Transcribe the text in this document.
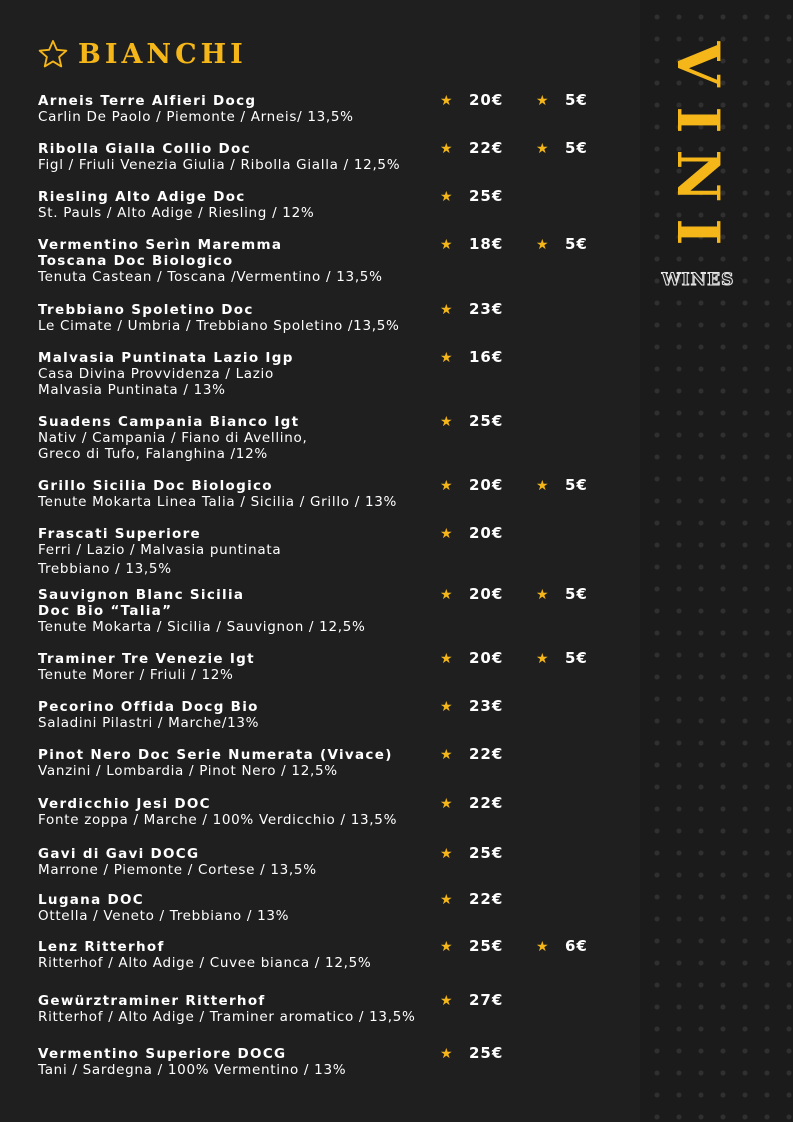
V
I
N
I
WINES
BIANCHI
Arneis Terre Alfieri Docg
Carlin De Paolo / Piemonte / Arneis/ 13,5%
★ 20€ ★ 5€
Ribolla Gialla Collio Doc
Figl / Friuli Venezia Giulia / Ribolla Gialla / 12,5%
★ 22€ ★ 5€
Riesling Alto Adige Doc
St. Pauls / Alto Adige / Riesling / 12%
★ 25€
Vermentino Serìn Maremma
Toscana Doc Biologico
Tenuta Castean / Toscana /Vermentino / 13,5%
★ 18€ ★ 5€
Trebbiano Spoletino Doc
Le Cimate / Umbria / Trebbiano Spoletino /13,5%
★ 23€
Malvasia Puntinata Lazio Igp
Casa Divina Provvidenza / Lazio
Malvasia Puntinata / 13%
★ 16€
Suadens Campania Bianco Igt
Nativ / Campania / Fiano di Avellino,
Greco di Tufo, Falanghina /12%
★ 25€
Grillo Sicilia Doc Biologico
Tenute Mokarta Linea Talia / Sicilia / Grillo / 13%
★ 20€ ★ 5€
Frascati Superiore
Ferri / Lazio / Malvasia puntinata
Trebbiano / 13,5%
★ 20€
Sauvignon Blanc Sicilia
Doc Bio “Talia”
Tenute Mokarta / Sicilia / Sauvignon / 12,5%
★ 20€ ★ 5€
Traminer Tre Venezie Igt
Tenute Morer / Friuli / 12%
★ 20€ ★ 5€
Pecorino Offida Docg Bio
Saladini Pilastri / Marche/13%
★ 23€
Pinot Nero Doc Serie Numerata (Vivace)
Vanzini / Lombardia / Pinot Nero / 12,5%
★ 22€
Verdicchio Jesi DOC
Fonte zoppa / Marche / 100% Verdicchio / 13,5%
★ 22€
Gavi di Gavi DOCG
Marrone / Piemonte / Cortese / 13,5%
★ 25€
Lugana DOC
Ottella / Veneto / Trebbiano / 13%
★ 22€
Lenz Ritterhof
Ritterhof / Alto Adige / Cuvee bianca / 12,5%
★ 25€ ★ 6€
Gewürztraminer Ritterhof
Ritterhof / Alto Adige / Traminer aromatico / 13,5%
★ 27€
Vermentino Superiore DOCG
Tani / Sardegna / 100% Vermentino / 13%
★ 25€
